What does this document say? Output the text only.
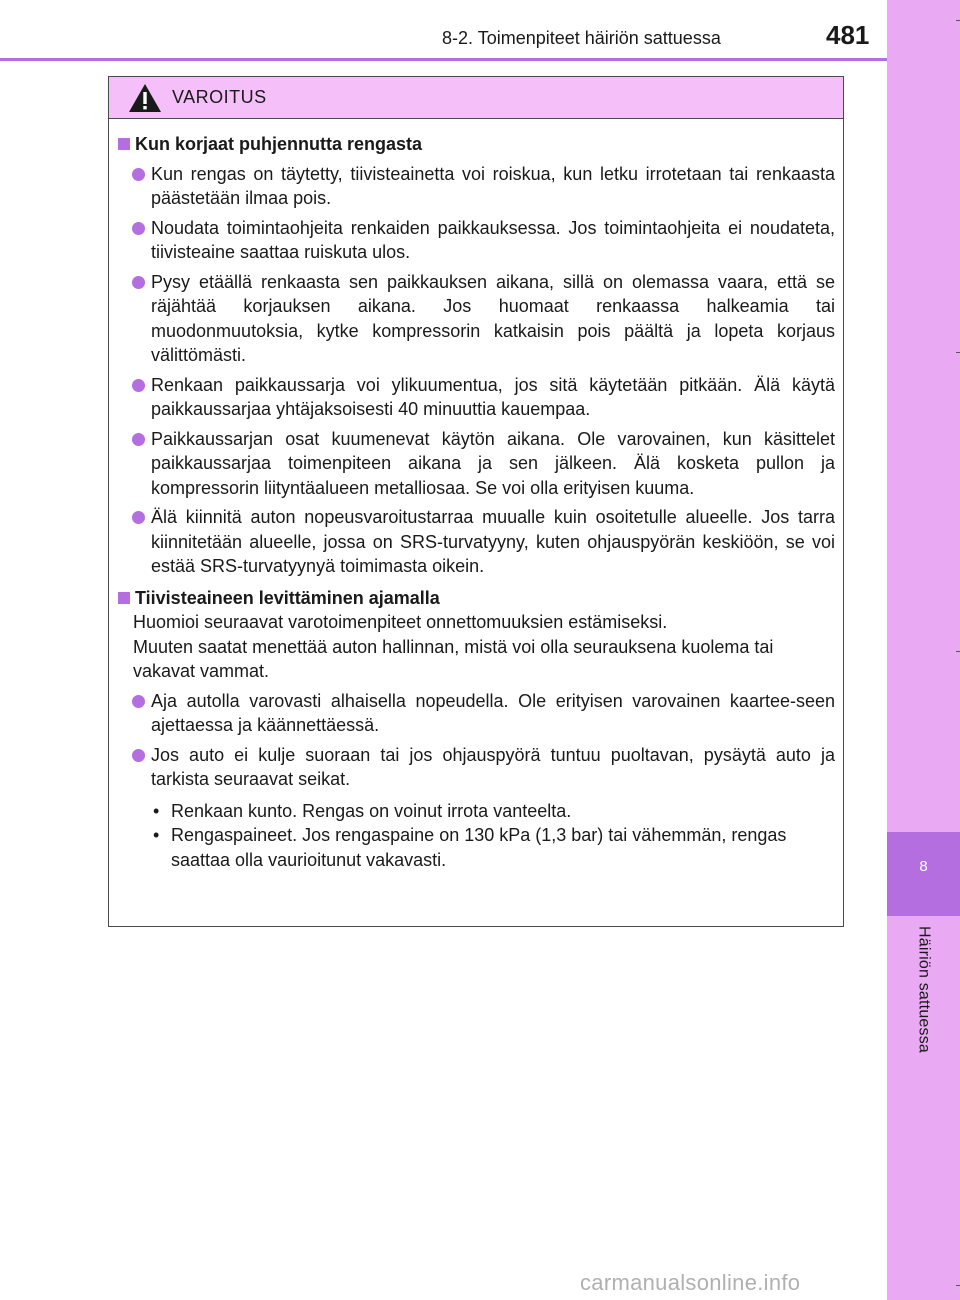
8-2. Toimenpiteet häiriön sattuessa	481
8
Häiriön sattuessa
VAROITUS
Kun korjaat puhjennutta rengasta
Kun rengas on täytetty, tiivisteainetta voi roiskua, kun letku irrotetaan tai renkaasta päästetään ilmaa pois.
Noudata toimintaohjeita renkaiden paikkauksessa. Jos toimintaohjeita ei noudateta, tiivisteaine saattaa ruiskuta ulos.
Pysy etäällä renkaasta sen paikkauksen aikana, sillä on olemassa vaara, että se räjähtää korjauksen aikana. Jos huomaat renkaassa halkeamia tai muodonmuutoksia, kytke kompressorin katkaisin pois päältä ja lopeta korjaus välittömästi.
Renkaan paikkaussarja voi ylikuumentua, jos sitä käytetään pitkään. Älä käytä paikkaussarjaa yhtäjaksoisesti 40 minuuttia kauempaa.
Paikkaussarjan osat kuumenevat käytön aikana. Ole varovainen, kun käsittelet paikkaussarjaa toimenpiteen aikana ja sen jälkeen. Älä kosketa pullon ja kompressorin liityntäalueen metalliosaa. Se voi olla erityisen kuuma.
Älä kiinnitä auton nopeusvaroitustarraa muualle kuin osoitetulle alueelle. Jos tarra kiinnitetään alueelle, jossa on SRS-turvatyyny, kuten ohjauspyörän keskiöön, se voi estää SRS-turvatyynyä toimimasta oikein.
Tiivisteaineen levittäminen ajamalla

Huomioi seuraavat varotoimenpiteet onnettomuuksien estämiseksi.

Muuten saatat menettää auton hallinnan, mistä voi olla seurauksena kuolema tai vakavat vammat.

Aja autolla varovasti alhaisella nopeudella. Ole erityisen varovainen kaartee-seen ajettaessa ja käännettäessä.
Jos auto ei kulje suoraan tai jos ohjauspyörä tuntuu puoltavan, pysäytä auto ja tarkista seuraavat seikat.
• Renkaan kunto. Rengas on voinut irrota vanteelta.
• Rengaspaineet. Jos rengaspaine on 130 kPa (1,3 bar) tai vähemmän, rengas saattaa olla vaurioitunut vakavasti.
carmanualsonline.info
